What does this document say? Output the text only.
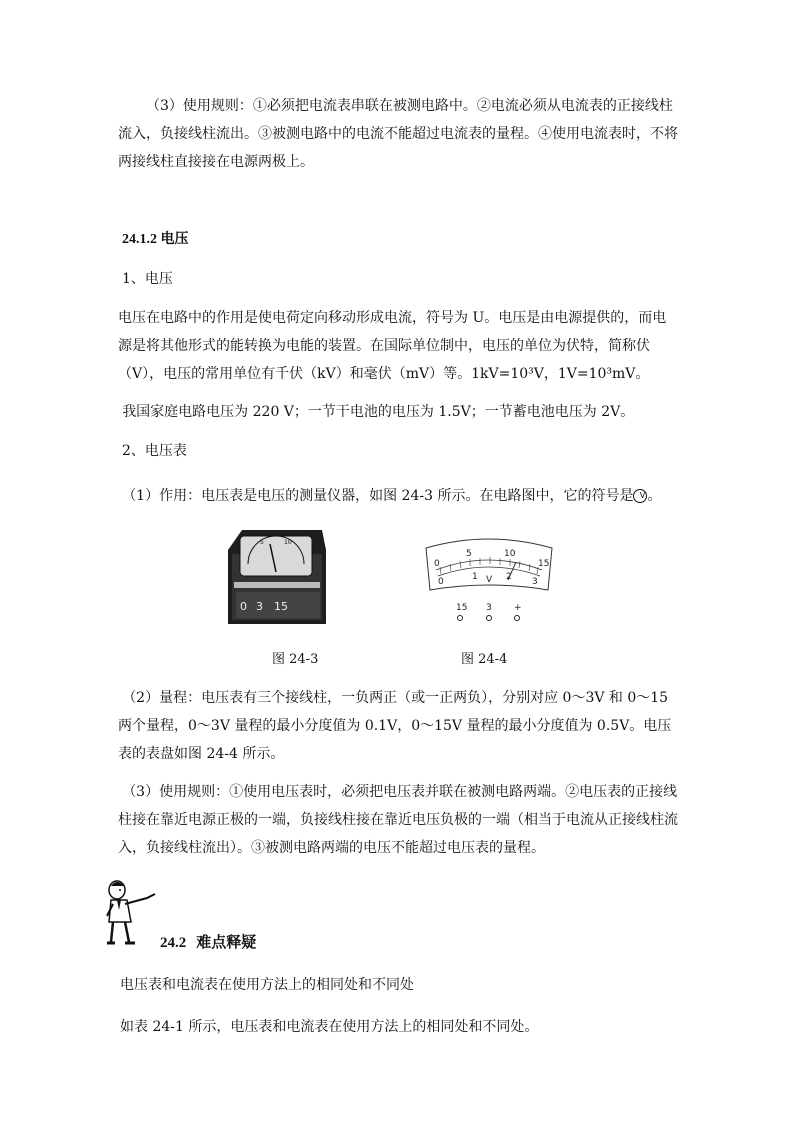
（3）使用规则：①必须把电流表串联在被测电路中。②电流必须从电流表的正接线柱流入，负接线柱流出。③被测电路中的电流不能超过电流表的量程。④使用电流表时，不将两接线柱直接接在电源两极上。

24.1.2 电压
1、电压

电压在电路中的作用是使电荷定向移动形成电流，符号为 U。电压是由电源提供的，而电源是将其他形式的能转换为电能的装置。在国际单位制中，电压的单位为伏特，简称伏（V），电压的常用单位有千伏（kV）和毫伏（mV）等。1kV=10³V，1V=10³mV。

我国家庭电路电压为 220 V；一节干电池的电压为 1.5V；一节蓄电池电压为 2V。

2、电压表

（1）作用：电压表是电压的测量仪器，如图 24-3 所示。在电路图中，它的符号是 V 。

5	10
0 3 15
0
5	10
15
0	1	2 3
V
15 3 +
图 24-3	图 24-4

（2）量程：电压表有三个接线柱，一负两正（或一正两负），分别对应 0～3V 和 0～15 两个量程，0～3V 量程的最小分度值为 0.1V，0～15V 量程的最小分度值为 0.5V。电压表的表盘如图 24-4 所示。

（3）使用规则：①使用电压表时，必须把电压表并联在被测电路两端。②电压表的正接线柱接在靠近电源正极的一端，负接线柱接在靠近电压负极的一端（相当于电流从正接线柱流入，负接线柱流出）。③被测电路两端的电压不能超过电压表的量程。

24.2 难点释疑
电压表和电流表在使用方法上的相同处和不同处
如表 24-1 所示，电压表和电流表在使用方法上的相同处和不同处。
